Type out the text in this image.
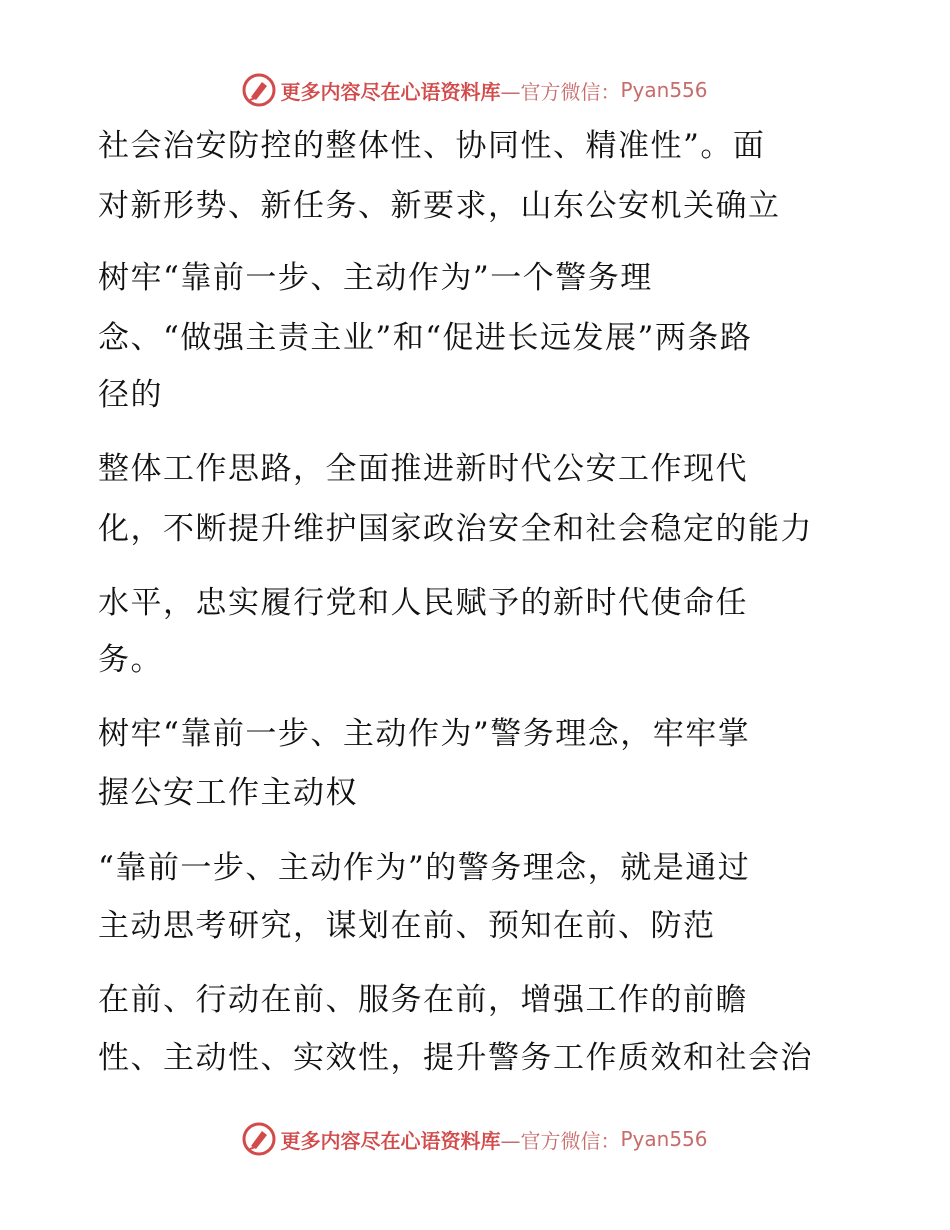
更多内容尽在心语资料库 —官方微信： Pyan556
社会治安防控的整体性、协同性、精准性”。面
对新形势、新任务、新要求，山东公安机关确立
树牢“靠前一步、主动作为”一个警务理
念、“做强主责主业”和“促进长远发展”两条路
径的
整体工作思路，全面推进新时代公安工作现代
化，不断提升维护国家政治安全和社会稳定的能力
水平，忠实履行党和人民赋予的新时代使命任
务。
树牢“靠前一步、主动作为”警务理念，牢牢掌
握公安工作主动权
“靠前一步、主动作为”的警务理念，就是通过
主动思考研究，谋划在前、预知在前、防范
在前、行动在前、服务在前，增强工作的前瞻
性、主动性、实效性，提升警务工作质效和社会治
更多内容尽在心语资料库 —官方微信： Pyan556
